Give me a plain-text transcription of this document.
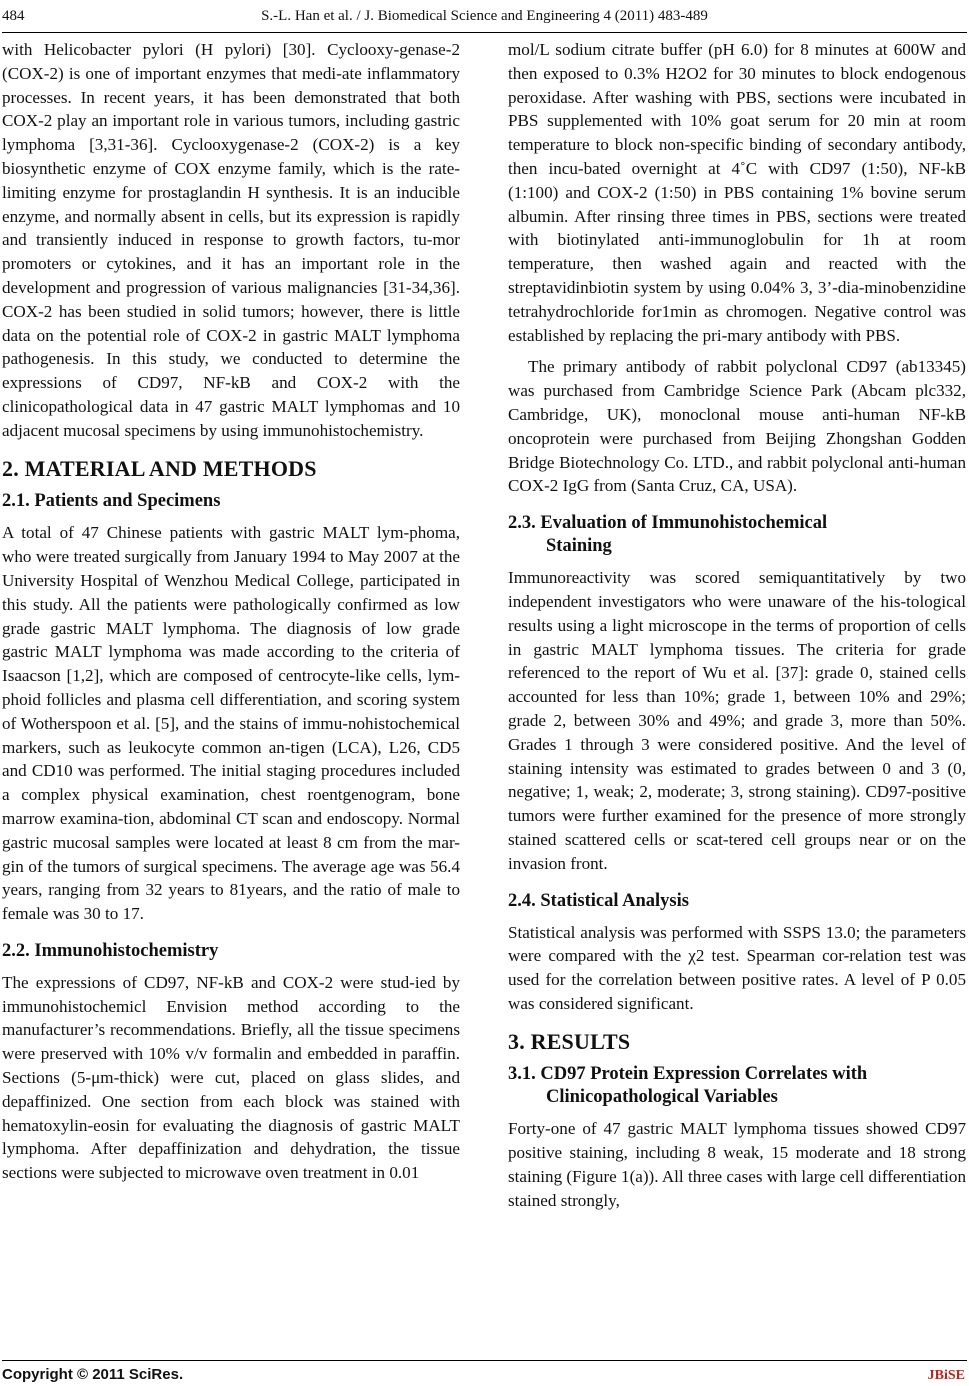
484	S.-L. Han et al. / J. Biomedical Science and Engineering 4 (2011) 483-489

with Helicobacter pylori (H pylori) [30]. Cyclooxy-genase-2 (COX-2) is one of important enzymes that medi-ate inflammatory processes. In recent years, it has been demonstrated that both COX-2 play an important role in various tumors, including gastric lymphoma [3,31-36]. Cyclooxygenase-2 (COX-2) is a key biosynthetic enzyme of COX enzyme family, which is the rate-limiting enzyme for prostaglandin H synthesis. It is an inducible enzyme, and normally absent in cells, but its expression is rapidly and transiently induced in response to growth factors, tu-mor promoters or cytokines, and it has an important role in the development and progression of various malignancies [31-34,36]. COX-2 has been studied in solid tumors; however, there is little data on the potential role of COX-2 in gastric MALT lymphoma pathogenesis. In this study, we conducted to determine the expressions of CD97, NF-kB and COX-2 with the clinicopathological data in 47 gastric MALT lymphomas and 10 adjacent mucosal specimens by using immunohistochemistry.

2. MATERIAL AND METHODS
2.1. Patients and Specimens

A total of 47 Chinese patients with gastric MALT lym-phoma, who were treated surgically from January 1994 to May 2007 at the University Hospital of Wenzhou Medical College, participated in this study. All the patients were pathologically confirmed as low grade gastric MALT lymphoma. The diagnosis of low grade gastric MALT lymphoma was made according to the criteria of Isaacson [1,2], which are composed of centrocyte-like cells, lym-phoid follicles and plasma cell differentiation, and scoring system of Wotherspoon et al. [5], and the stains of immu-nohistochemical markers, such as leukocyte common an-tigen (LCA), L26, CD5 and CD10 was performed. The initial staging procedures included a complex physical examination, chest roentgenogram, bone marrow examina-tion, abdominal CT scan and endoscopy. Normal gastric mucosal samples were located at least 8 cm from the mar-gin of the tumors of surgical specimens. The average age was 56.4 years, ranging from 32 years to 81years, and the ratio of male to female was 30 to 17.

2.2. Immunohistochemistry

The expressions of CD97, NF-kB and COX-2 were stud-ied by immunohistochemicl Envision method according to the manufacturer’s recommendations. Briefly, all the tissue specimens were preserved with 10% v/v formalin and embedded in paraffin. Sections (5-μm-thick) were cut, placed on glass slides, and depaffinized. One section from each block was stained with hematoxylin-eosin for evaluating the diagnosis of gastric MALT lymphoma. After depaffinization and dehydration, the tissue sections were subjected to microwave oven treatment in 0.01

mol/L sodium citrate buffer (pH 6.0) for 8 minutes at 600W and then exposed to 0.3% H2O2 for 30 minutes to block endogenous peroxidase. After washing with PBS, sections were incubated in PBS supplemented with 10% goat serum for 20 min at room temperature to block non-specific binding of secondary antibody, then incu-bated overnight at 4˚C with CD97 (1:50), NF-kB (1:100) and COX-2 (1:50) in PBS containing 1% bovine serum albumin. After rinsing three times in PBS, sections were treated with biotinylated anti-immunoglobulin for 1h at room temperature, then washed again and reacted with the streptavidinbiotin system by using 0.04% 3, 3’-dia-minobenzidine tetrahydrochloride for1min as chromogen. Negative control was established by replacing the pri-mary antibody with PBS.

The primary antibody of rabbit polyclonal CD97 (ab13345) was purchased from Cambridge Science Park (Abcam plc332, Cambridge, UK), monoclonal mouse anti-human NF-kB oncoprotein were purchased from Beijing Zhongshan Godden Bridge Biotechnology Co. LTD., and rabbit polyclonal anti-human COX-2 IgG from (Santa Cruz, CA, USA).

2.3. Evaluation of Immunohistochemical
Staining

Immunoreactivity was scored semiquantitatively by two independent investigators who were unaware of the his-tological results using a light microscope in the terms of proportion of cells in gastric MALT lymphoma tissues. The criteria for grade referenced to the report of Wu et al. [37]: grade 0, stained cells accounted for less than 10%; grade 1, between 10% and 29%; grade 2, between 30% and 49%; and grade 3, more than 50%. Grades 1 through 3 were considered positive. And the level of staining intensity was estimated to grades between 0 and 3 (0, negative; 1, weak; 2, moderate; 3, strong staining). CD97-positive tumors were further examined for the presence of more strongly stained scattered cells or scat-tered cell groups near or on the invasion front.

2.4. Statistical Analysis

Statistical analysis was performed with SSPS 13.0; the parameters were compared with the χ2 test. Spearman cor-relation test was used for the correlation between positive rates. A level of P 0.05 was considered significant.

3. RESULTS
3.1. CD97 Protein Expression Correlates with
Clinicopathological Variables

Forty-one of 47 gastric MALT lymphoma tissues showed CD97 positive staining, including 8 weak, 15 moderate and 18 strong staining (Figure 1(a)). All three cases with large cell differentiation stained strongly,

Copyright © 2011 SciRes.	JBiSE
